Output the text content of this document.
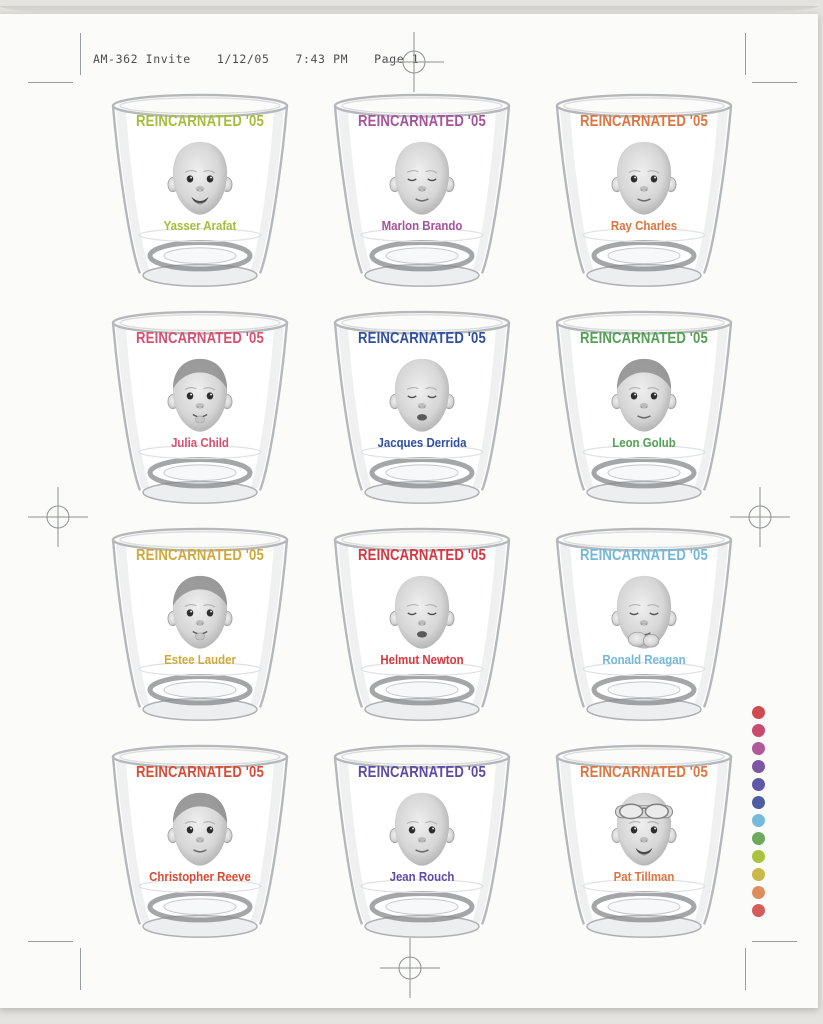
AM-362 Invite 1/12/05 7:43 PM Page 1
REINCARNATED '05
Yasser Arafat
REINCARNATED '05
Marlon Brando
REINCARNATED '05
Ray Charles
REINCARNATED '05
Julia Child
REINCARNATED '05
Jacques Derrida
REINCARNATED '05
Leon Golub
REINCARNATED '05
Estee Lauder
REINCARNATED '05
Helmut Newton
REINCARNATED '05
Ronald Reagan
REINCARNATED '05
Christopher Reeve
REINCARNATED '05
Jean Rouch
REINCARNATED '05
Pat Tillman
